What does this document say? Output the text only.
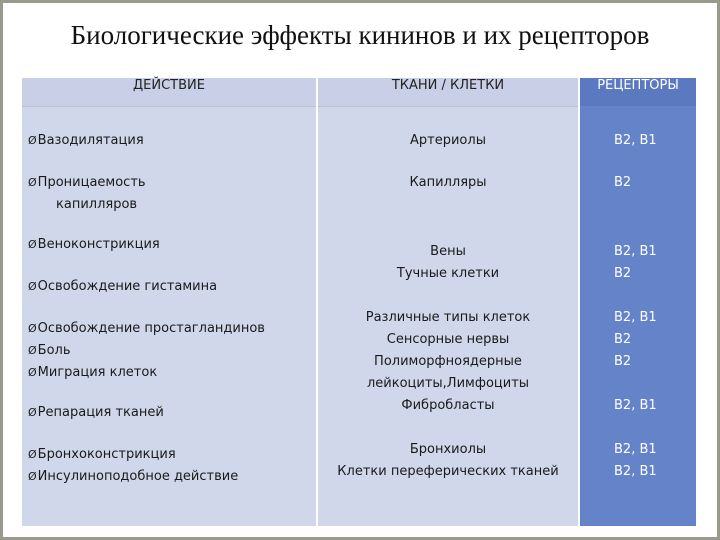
Биологические эффекты кининов и их рецепторов
ДЕЙСТВИЕ	ТКАНИ / КЛЕТКИ	РЕЦЕПТОРЫ
ØВазодилятация
ØПроницаемость
капилляров
ØВеноконстрикция
ØОсвобождение гистамина
ØОсвобождение простагландинов
ØБоль
ØМиграция клеток
ØРепарация тканей
ØБронхоконстрикция
ØИнсулиноподобное действие
Артериолы
Капилляры
Вены
Тучные клетки
Различные типы клеток
Сенсорные нервы
Полиморфноядерные
лейкоциты,Лимфоциты
Фибробласты
Бронхиолы
Клетки переферических тканей
B2, B1
B2
B2, B1
B2
B2, B1
B2
B2
B2, B1
B2, B1
B2, B1
